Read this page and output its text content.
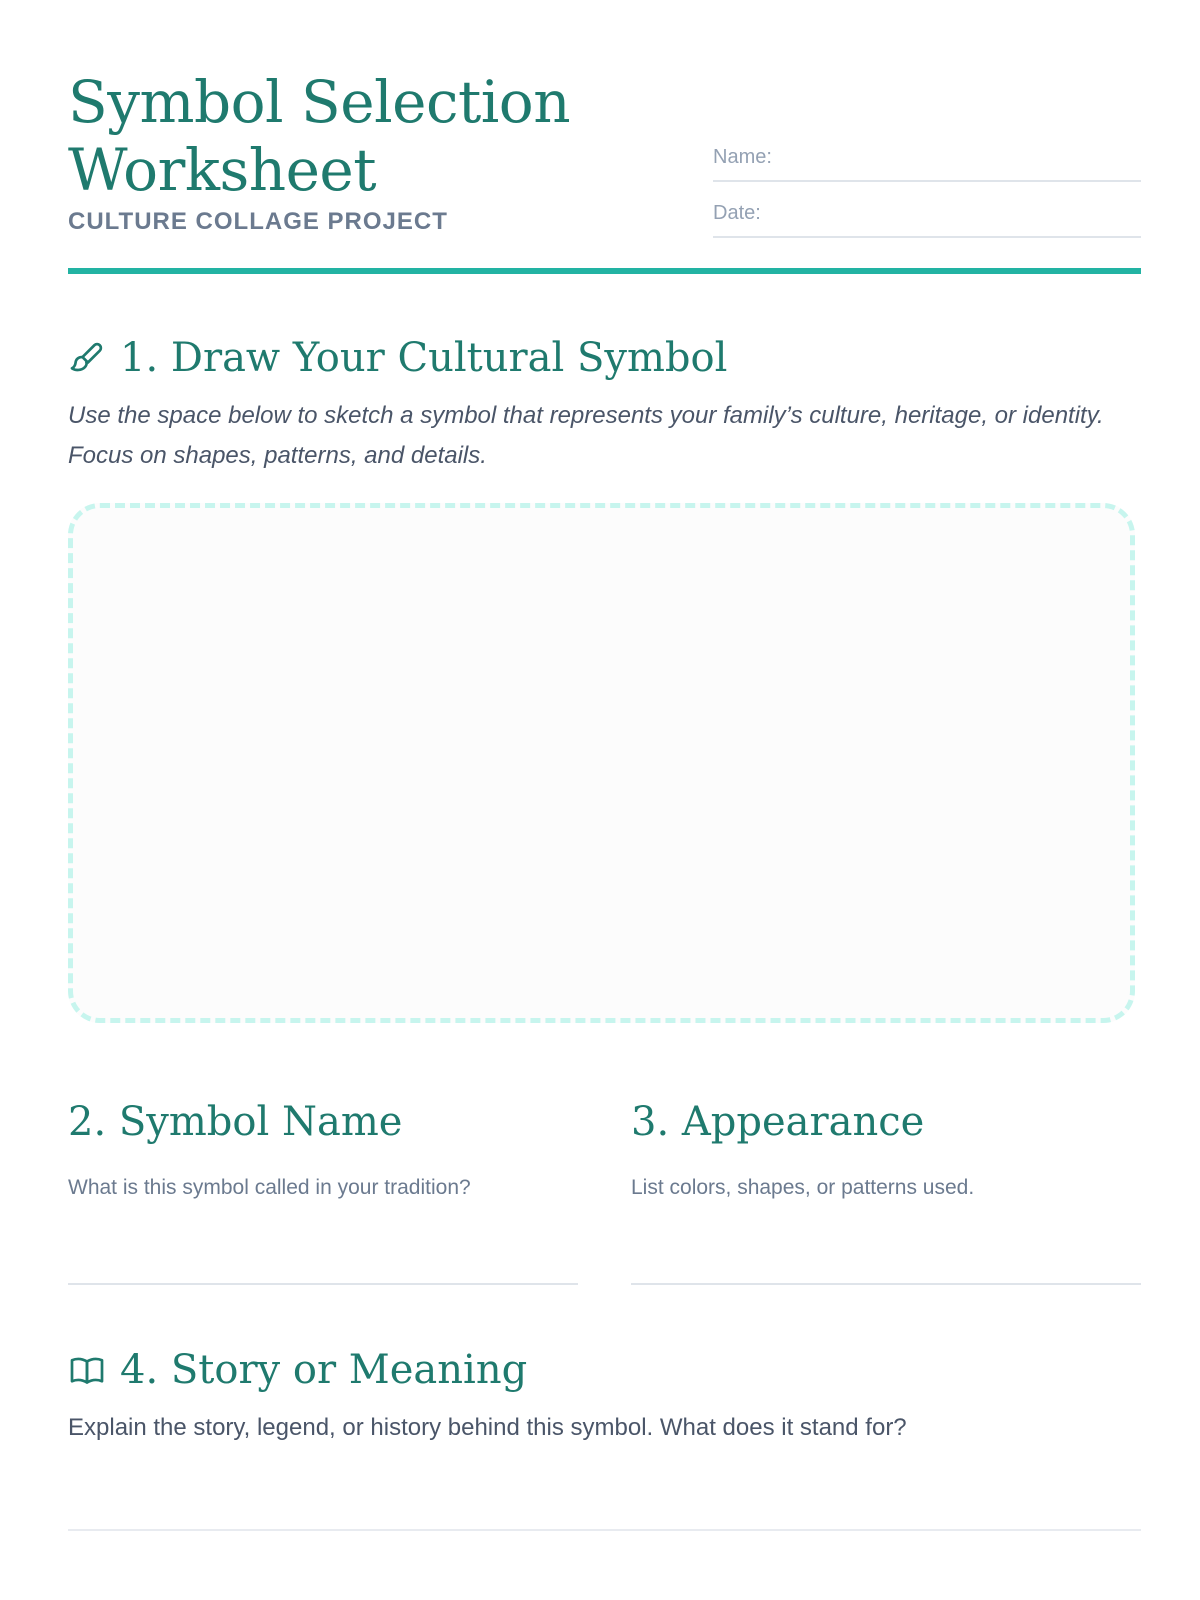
Symbol Selection
Worksheet
CULTURE COLLAGE PROJECT
Name:
Date:
1. Draw Your Cultural Symbol
Use the space below to sketch a symbol that represents your family’s culture, heritage, or identity. Focus on shapes, patterns, and details.
2. Symbol Name
What is this symbol called in your tradition?
3. Appearance
List colors, shapes, or patterns used.
4. Story or Meaning
Explain the story, legend, or history behind this symbol. What does it stand for?
